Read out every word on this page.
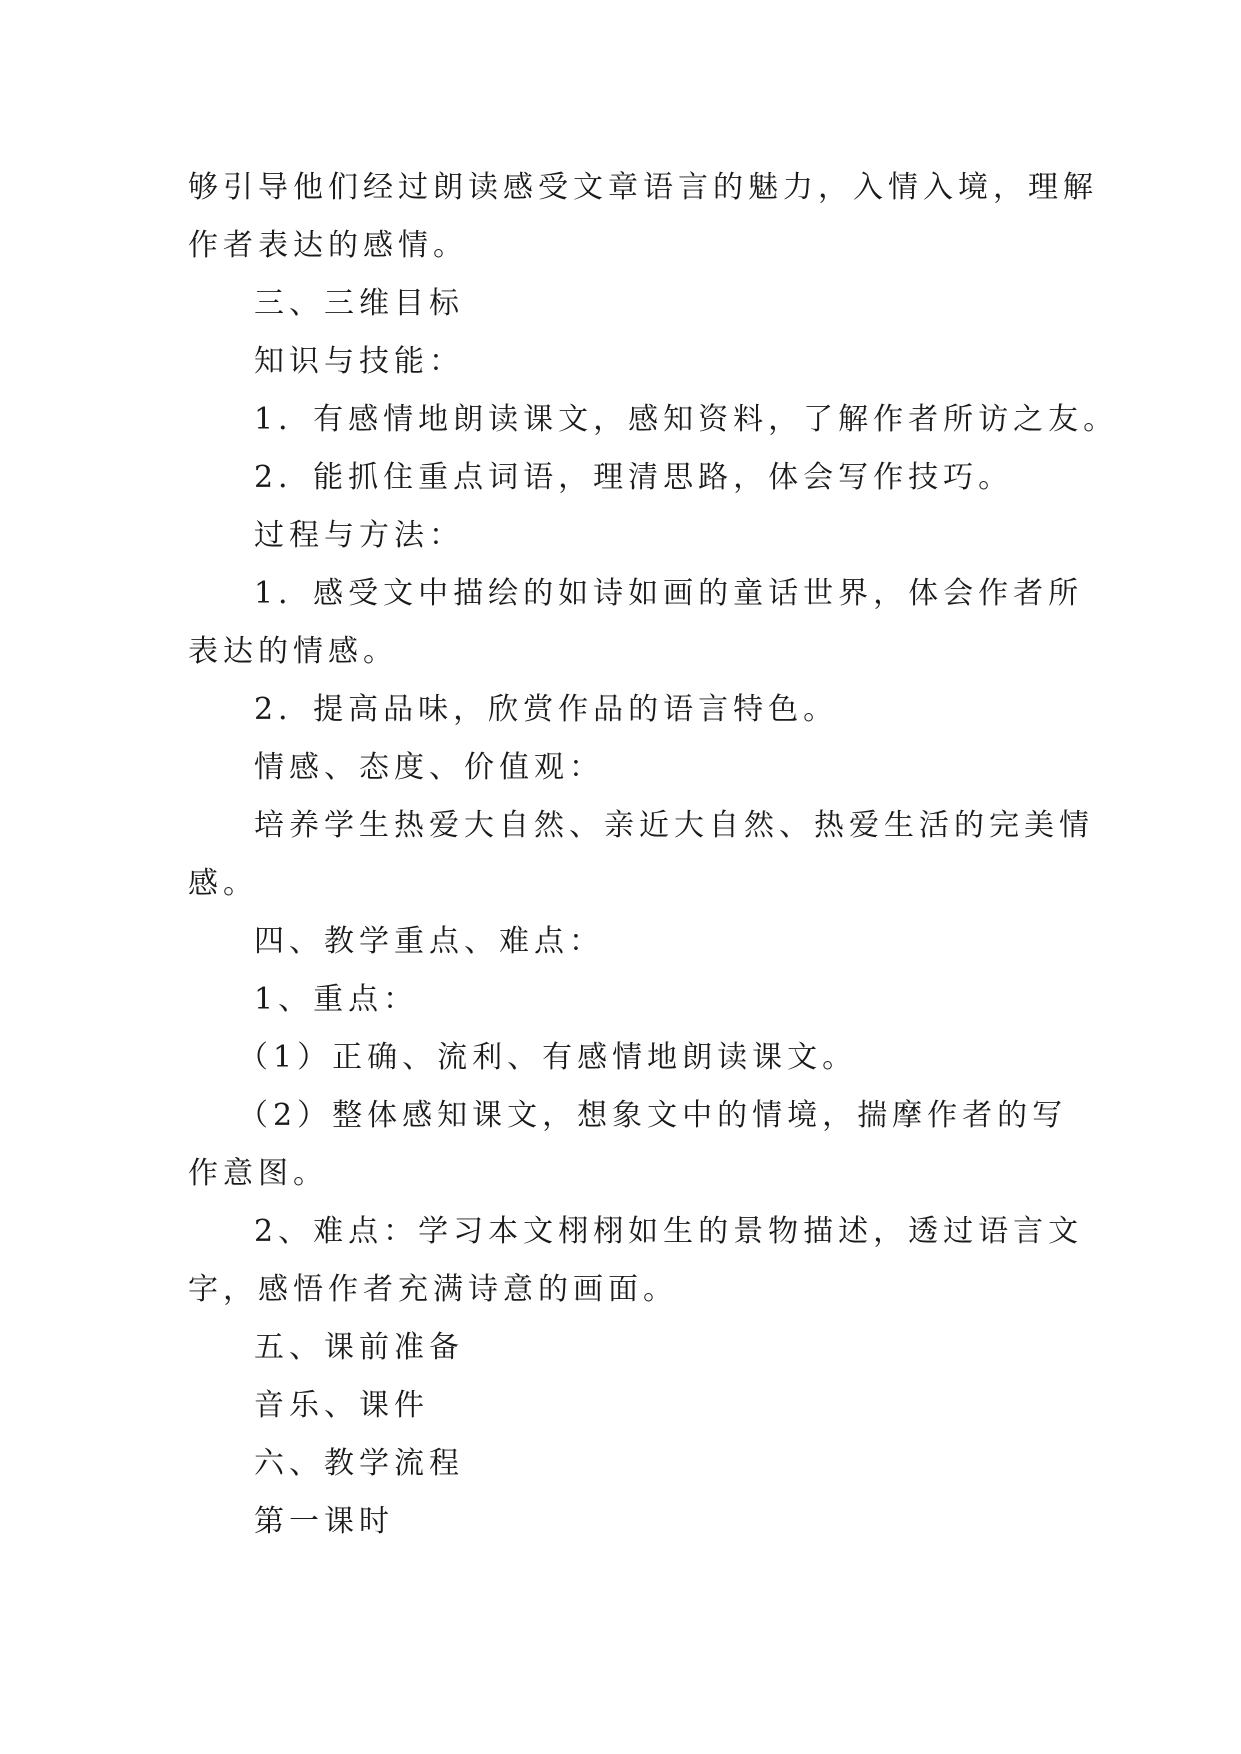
够引导他们经过朗读感受文章语言的魅力，入情入境，理解
作者表达的感情。
三、三维目标
知识与技能：
1．有感情地朗读课文，感知资料，了解作者所访之友。
2．能抓住重点词语，理清思路，体会写作技巧。
过程与方法：
1．感受文中描绘的如诗如画的童话世界，体会作者所
表达的情感。
2．提高品味，欣赏作品的语言特色。
情感、态度、价值观：
培养学生热爱大自然、亲近大自然、热爱生活的完美情
感。
四、教学重点、难点：
1、重点：
（1）正确、流利、有感情地朗读课文。
（2）整体感知课文，想象文中的情境，揣摩作者的写
作意图。
2、难点：学习本文栩栩如生的景物描述，透过语言文
字，感悟作者充满诗意的画面。
五、课前准备
音乐、课件
六、教学流程
第一课时
